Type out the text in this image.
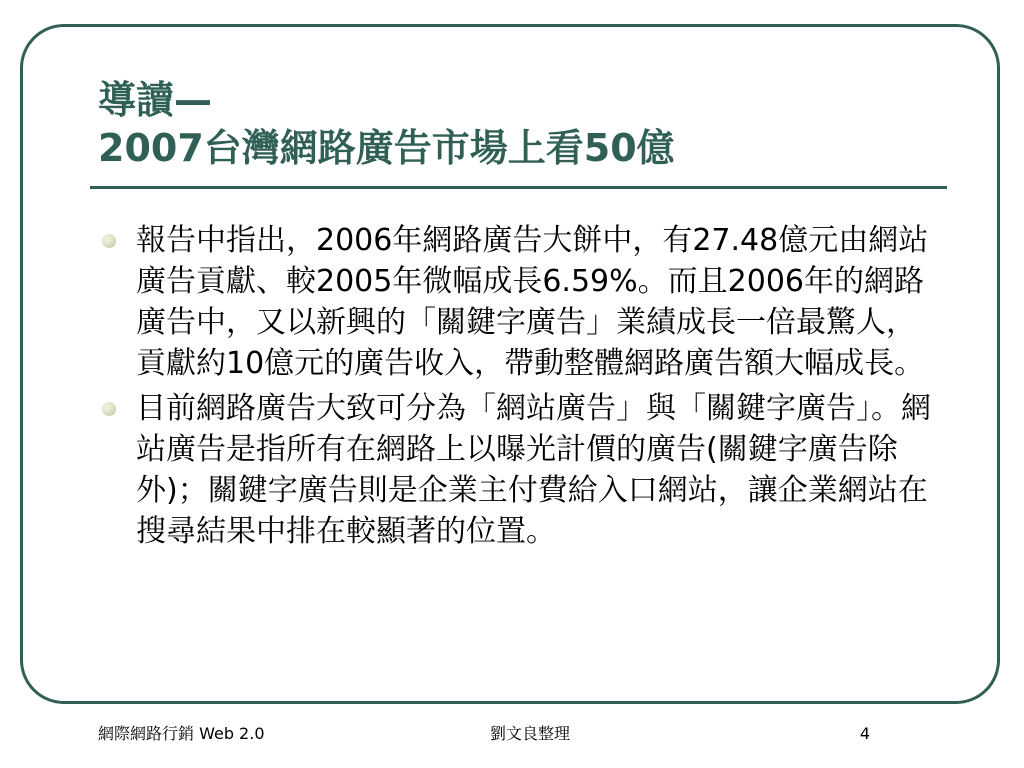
導讀—
2007台灣網路廣告市場上看50億
報告中指出，2006年網路廣告大餅中，有27.48億元由網站廣告貢獻、較2005年微幅成長6.59%。而且2006年的網路廣告中，又以新興的「關鍵字廣告」業績成長一倍最驚人，貢獻約10億元的廣告收入，帶動整體網路廣告額大幅成長。
目前網路廣告大致可分為「網站廣告」與「關鍵字廣告」。網站廣告是指所有在網路上以曝光計價的廣告(關鍵字廣告除外)；關鍵字廣告則是企業主付費給入口網站，讓企業網站在搜尋結果中排在較顯著的位置。
網際網路行銷 Web 2.0	劉文良整理	4
